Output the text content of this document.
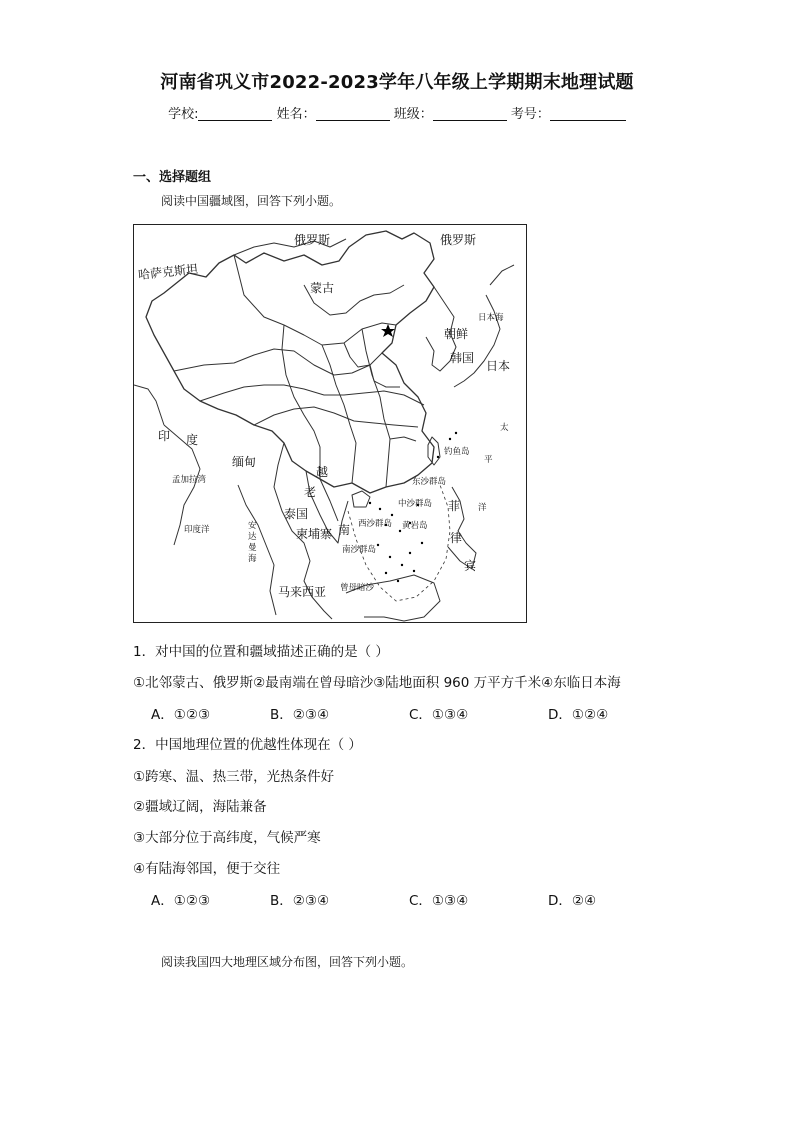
河南省巩义市2022-2023学年八年级上学期期末地理试题
学校:	姓名：	班级：	考号：
一、选择题组
阅读中国疆域图，回答下列小题。
俄罗斯	俄罗斯
哈萨克斯坦
蒙古
朝鲜
韩国
日本
日本海
印 度
缅甸
越
南
老
泰国
柬埔寨
孟加拉湾
印度洋	安达曼海
马来西亚
菲
律
宾
太
平
洋
钓鱼岛
东沙群岛
中沙群岛
西沙群岛 黄岩岛
南沙群岛
曾母暗沙
1．对中国的位置和疆域描述正确的是（ ）
①北邻蒙古、俄罗斯②最南端在曾母暗沙③陆地面积 960 万平方千米④东临日本海
A．①②③	B．②③④	C．①③④	D．①②④
2．中国地理位置的优越性体现在（ ）
①跨寒、温、热三带，光热条件好
②疆域辽阔，海陆兼备
③大部分位于高纬度，气候严寒
④有陆海邻国，便于交往
A．①②③	B．②③④	C．①③④	D．②④
阅读我国四大地理区域分布图，回答下列小题。
